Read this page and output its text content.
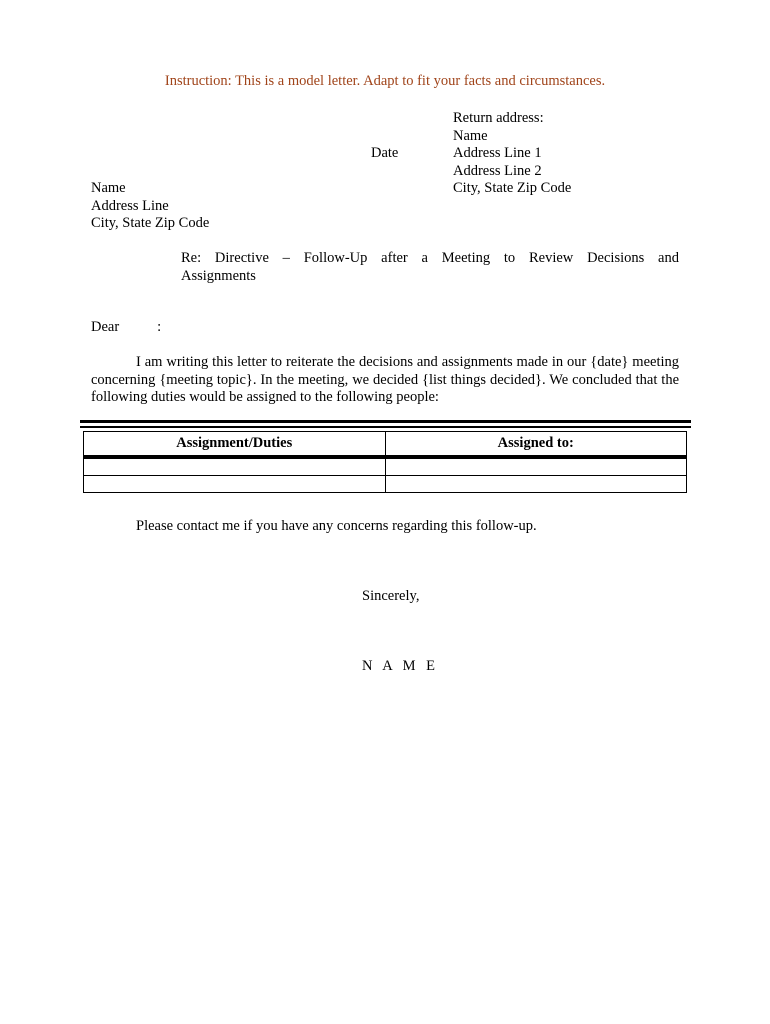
Instruction: This is a model letter. Adapt to fit your facts and circumstances.
Return address:
Name
Address Line 1
Address Line 2
City, State Zip Code
Date
Name
Address Line
City, State Zip Code
Re: Directive – Follow-Up after a Meeting to Review Decisions and
Assignments
Dear	:
I am writing this letter to reiterate the decisions and assignments made in our {date} meeting concerning {meeting topic}. In the meeting, we decided {list things decided}. We concluded that the following duties would be assigned to the following people:
Assignment/Duties	Assigned to:

Please contact me if you have any concerns regarding this follow-up.
Sincerely,
N A M E
